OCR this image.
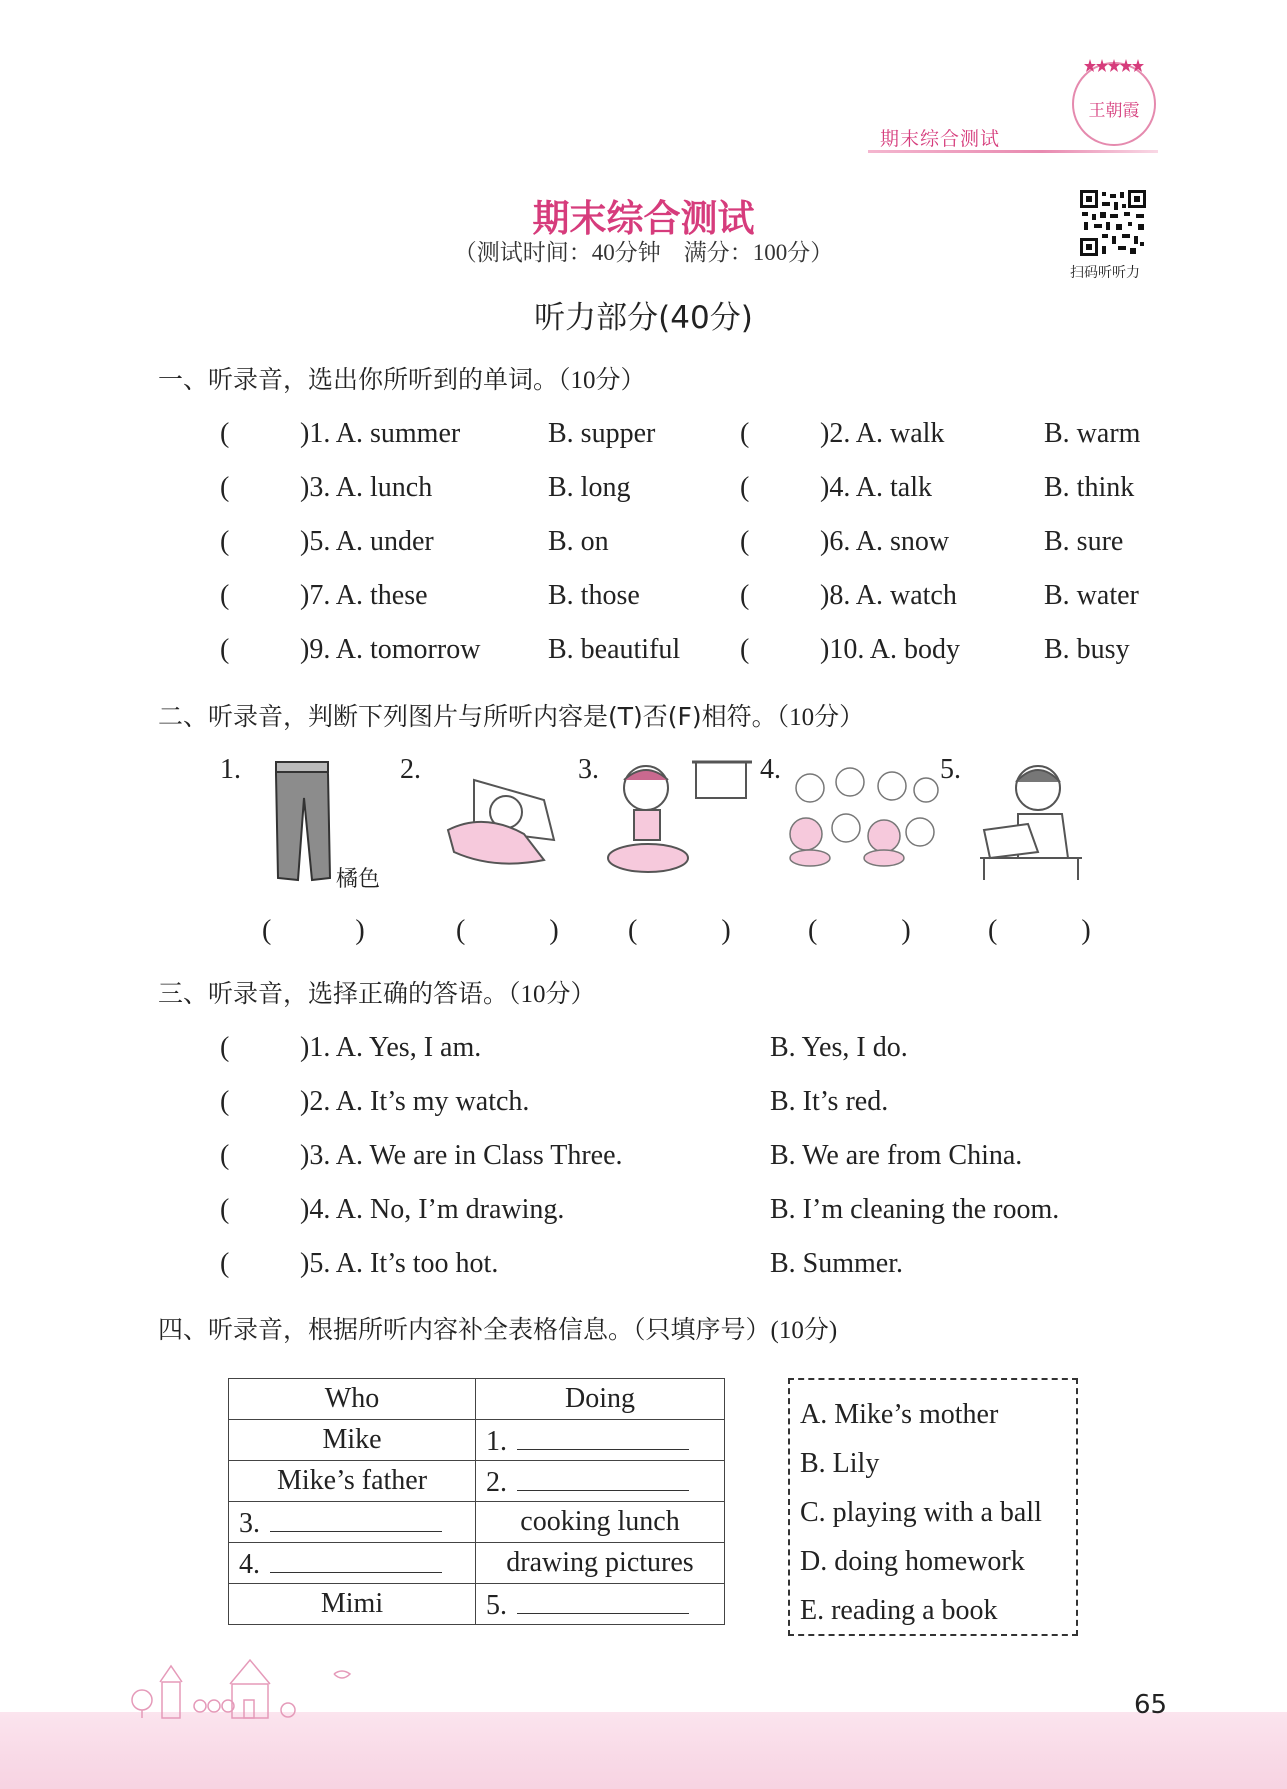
王朝霞
期末综合测试
扫码听听力
期末综合测试
（测试时间：40分钟　满分：100分）
听力部分(40分)
一、听录音，选出你所听到的单词。（10分）
(	)1. A. summer	B. supper	(	)2. A. walk	B. warm
(	)3. A. lunch	B. long	(	)4. A. talk	B. think
(	)5. A. under	B. on	(	)6. A. snow	B. sure
(	)7. A. these	B. those	(	)8. A. watch	B. water
(	)9. A. tomorrow B. beautiful (	)10. A. body	B. busy
二、听录音，判断下列图片与所听内容是(T)否(F)相符。（10分）
1.	2.	3.	4.	5.
橘色
(　　　)	(　　　) (　　　)	(　　　)	(　　　)
三、听录音，选择正确的答语。（10分）
(	)1. A. Yes, I am.	B. Yes, I do.
(	)2. A. It’s my watch.	B. It’s red.
(	)3. A. We are in Class Three.	B. We are from China.
(	)4. A. No, I’m drawing.	B. I’m cleaning the room.
(	)5. A. It’s too hot.	B. Summer.
四、听录音，根据所听内容补全表格信息。（只填序号）(10分)
Who	Doing
Mike	1.
Mike’s father	2.
3.	cooking lunch
4.	drawing pictures
Mimi	5.
A. Mike’s mother
B. Lily
C. playing with a ball
D. doing homework
E. reading a book
65
